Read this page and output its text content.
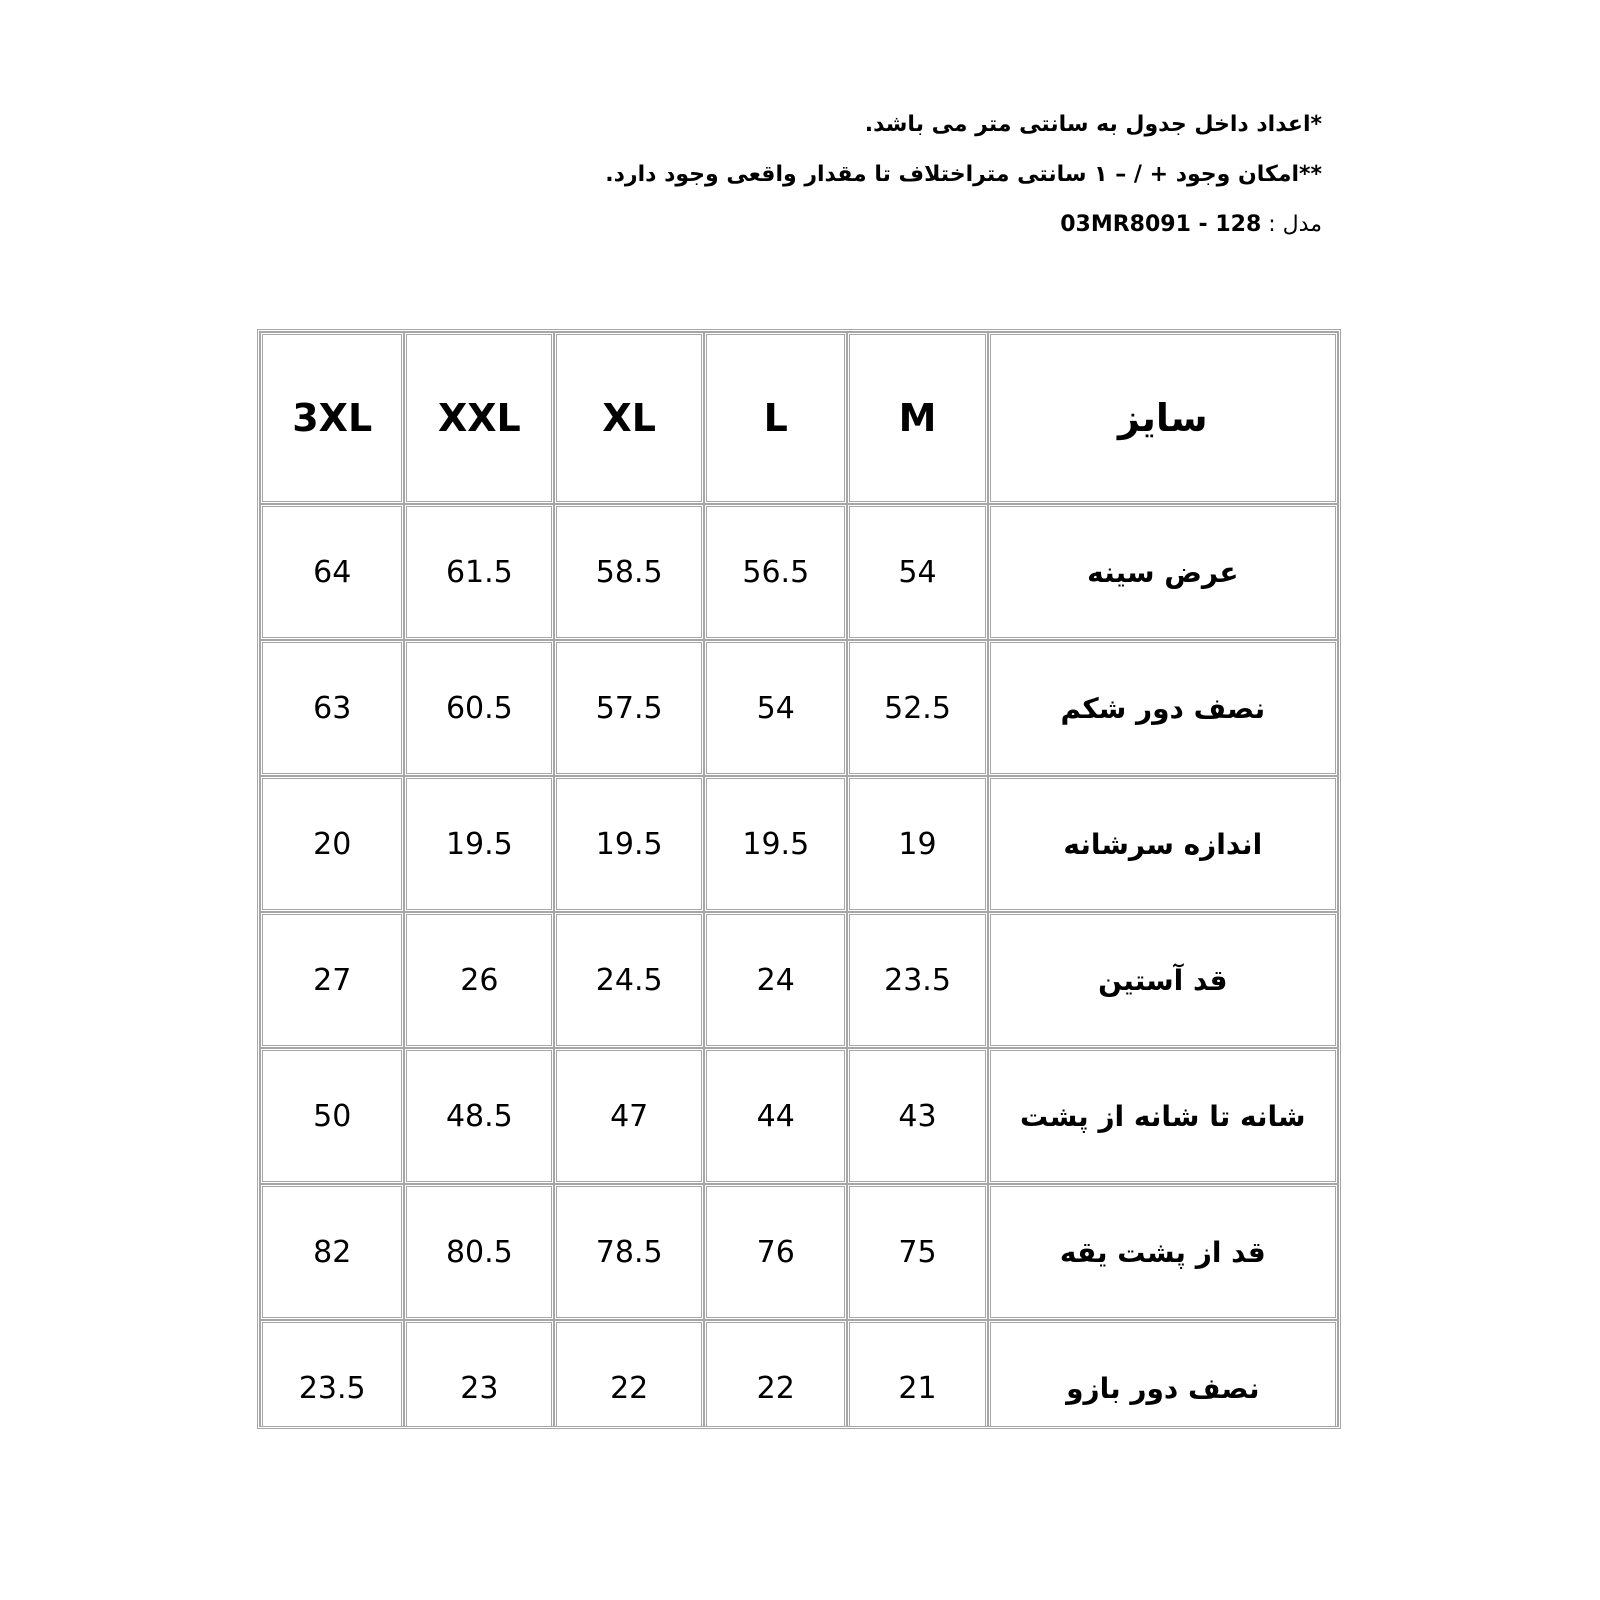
*اعداد داخل جدول به سانتی متر می باشد.
**امکان وجود + / – ۱ سانتی متراختلاف تا مقدار واقعی وجود دارد.
مدل : 03MR8091 - 128
3XL	XXL	XL	L	M	سایز
64	61.5	58.5	56.5	54	عرض سینه
63	60.5	57.5	54	52.5	نصف دور شکم
20	19.5	19.5	19.5	19	اندازه سرشانه
27	26	24.5	24	23.5	قد آستین
50	48.5	47	44	43	شانه تا شانه از پشت
82	80.5	78.5	76	75	قد از پشت یقه
23.5	23	22	22	21	نصف دور بازو
